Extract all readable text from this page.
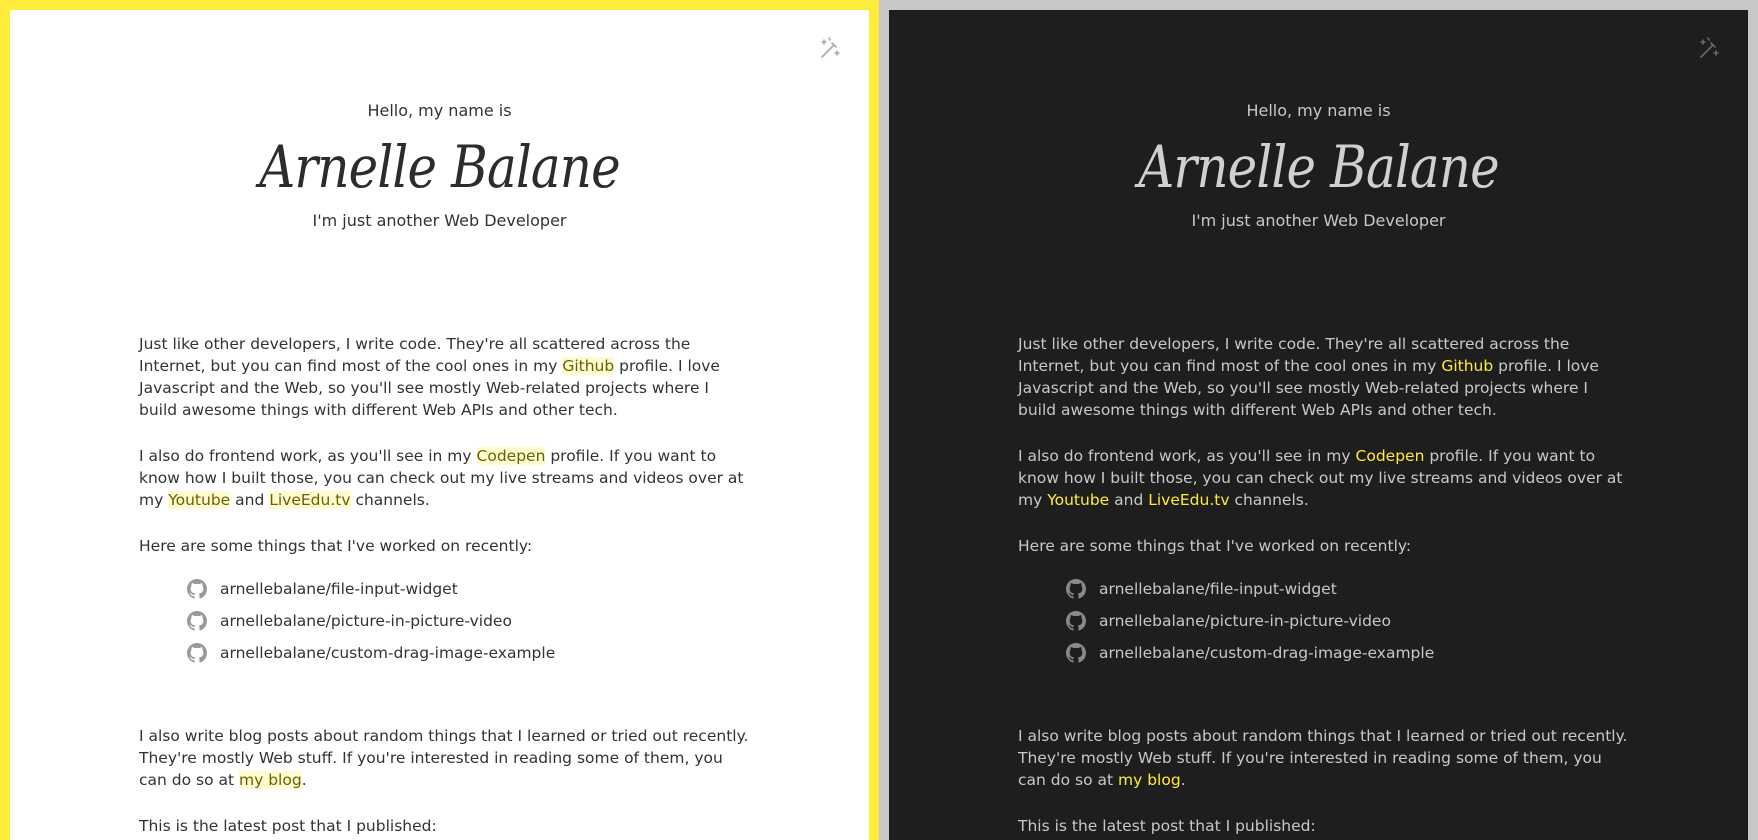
Hello, my name is

Arnelle Balane

I'm just another Web Developer

Just like other developers, I write code. They're all scattered across the Internet, but you can find most of the cool ones in my Github profile. I love Javascript and the Web, so you'll see mostly Web-related projects where I build awesome things with different Web APIs and other tech.

I also do frontend work, as you'll see in my Codepen profile. If you want to know how I built those, you can check out my live streams and videos over at my Youtube and LiveEdu.tv channels.

Here are some things that I've worked on recently:

arnellebalane/file-input-widget
arnellebalane/picture-in-picture-video
arnellebalane/custom-drag-image-example

I also write blog posts about random things that I learned or tried out recently. They're mostly Web stuff. If you're interested in reading some of them, you can do so at my blog.

This is the latest post that I published:

Hello, my name is

Arnelle Balane

I'm just another Web Developer

Just like other developers, I write code. They're all scattered across the Internet, but you can find most of the cool ones in my Github profile. I love Javascript and the Web, so you'll see mostly Web-related projects where I build awesome things with different Web APIs and other tech.

I also do frontend work, as you'll see in my Codepen profile. If you want to know how I built those, you can check out my live streams and videos over at my Youtube and LiveEdu.tv channels.

Here are some things that I've worked on recently:

arnellebalane/file-input-widget
arnellebalane/picture-in-picture-video
arnellebalane/custom-drag-image-example

I also write blog posts about random things that I learned or tried out recently. They're mostly Web stuff. If you're interested in reading some of them, you can do so at my blog.

This is the latest post that I published:
